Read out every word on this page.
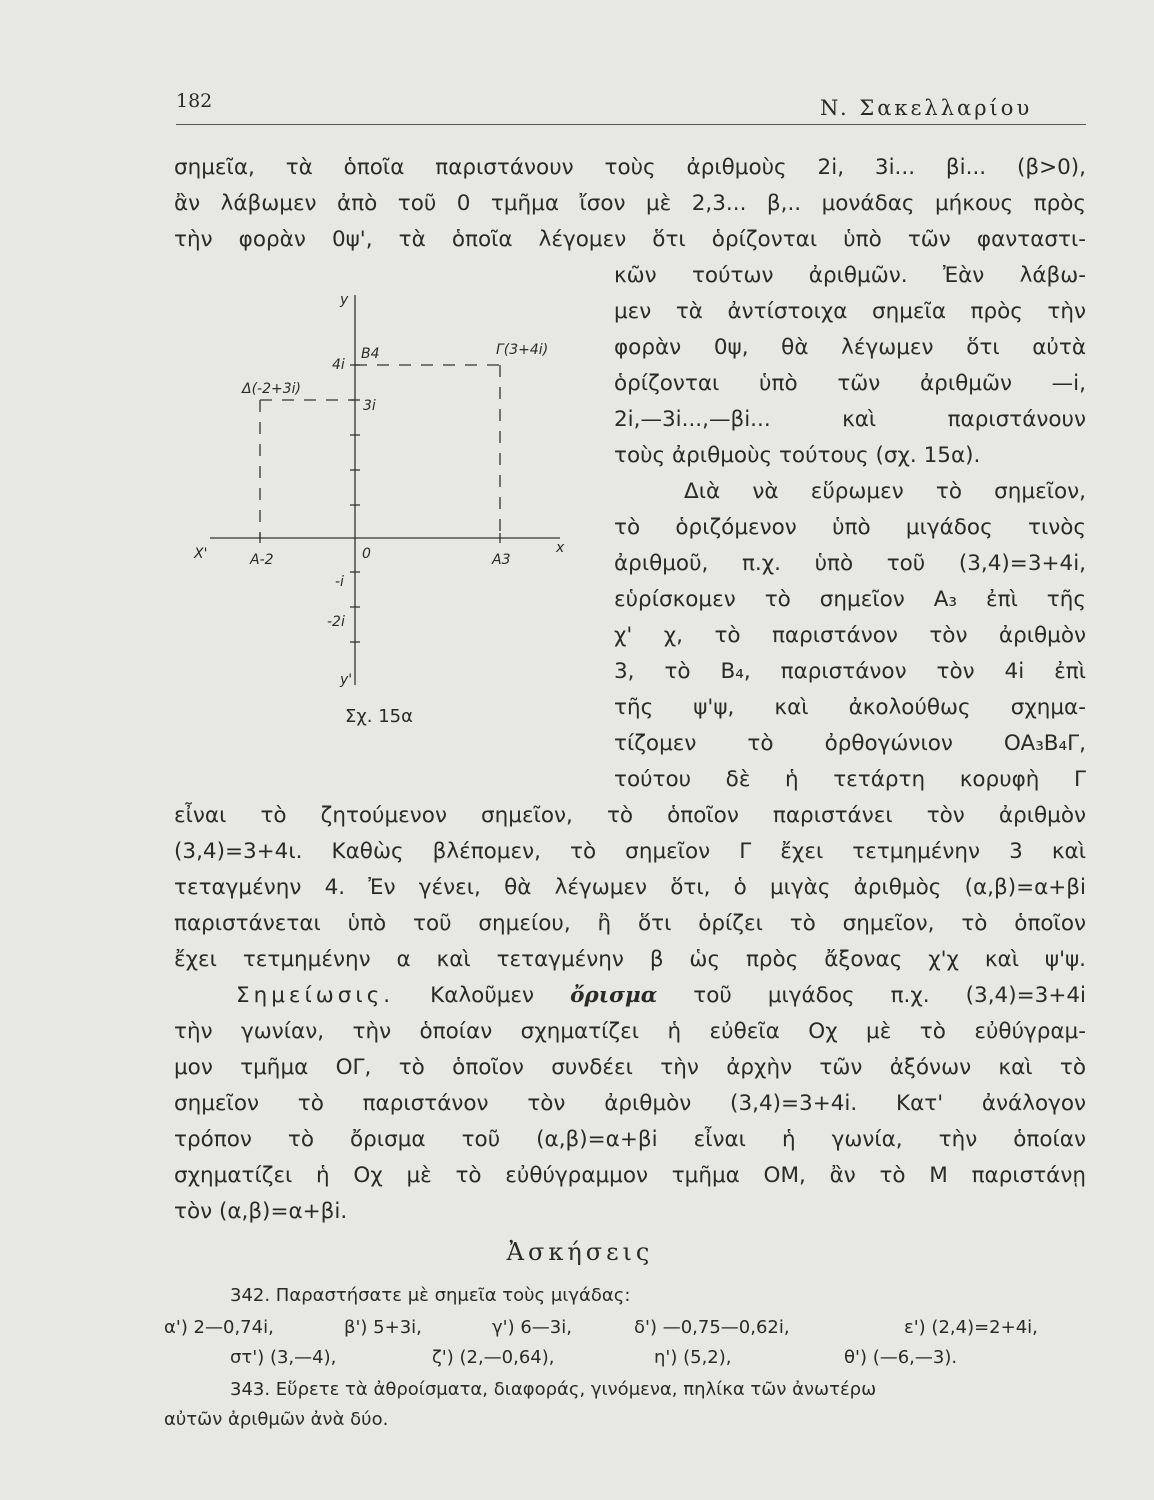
182	N. Σακελλαρίου
σημεῖα, τὰ ὁποῖα παριστάνουν τοὺς ἀριθμοὺς 2i, 3i... βi... (β>0),
ἂν λάβωμεν ἀπὸ τοῦ 0 τμῆμα ἴσον μὲ 2,3... β,.. μονάδας μήκους πρὸς
τὴν φορὰν 0ψ', τὰ ὁποῖα λέγομεν ὅτι ὁρίζονται ὑπὸ τῶν φανταστι-
κῶν τούτων ἀριθμῶν. Ἐὰν λάβω-
μεν τὰ ἀντίστοιχα σημεῖα πρὸς τὴν
φορὰν 0ψ, θὰ λέγωμεν ὅτι αὐτὰ
ὁρίζονται ὑπὸ τῶν ἀριθμῶν —i,
2i,—3i...,—βi... καὶ παριστάνουν
τοὺς ἀριθμοὺς τούτους (σχ. 15α).
Διὰ νὰ εὕρωμεν τὸ σημεῖον,
τὸ ὁριζόμενον ὑπὸ μιγάδος τινὸς
ἀριθμοῦ, π.χ. ὑπὸ τοῦ (3,4)=3+4i,
εὑρίσκομεν τὸ σημεῖον A₃ ἐπὶ τῆς
χ' χ, τὸ παριστάνον τὸν ἀριθμὸν
3, τὸ B₄, παριστάνον τὸν 4i ἐπὶ
τῆς ψ'ψ, καὶ ἀκολούθως σχημα-
τίζομεν τὸ ὀρθογώνιον OA₃B₄Γ,
τούτου δὲ ἡ τετάρτη κορυφὴ Γ
y
y'
x
X'	0
A-2	A3
B4	Γ(3+4i)
Δ(-2+3i)
4i
3i
-i
-2i
Σχ. 15α
εἶναι τὸ ζητούμενον σημεῖον, τὸ ὁποῖον παριστάνει τὸν ἀριθμὸν
(3,4)=3+4ι. Καθὼς βλέπομεν, τὸ σημεῖον Γ ἔχει τετμημένην 3 καὶ
τεταγμένην 4. Ἐν γένει, θὰ λέγωμεν ὅτι, ὁ μιγὰς ἀριθμὸς (α,β)=α+βi
παριστάνεται ὑπὸ τοῦ σημείου, ἢ ὅτι ὁρίζει τὸ σημεῖον, τὸ ὁποῖον
ἔχει τετμημένην α καὶ τεταγμένην β ὡς πρὸς ἄξονας χ'χ καὶ ψ'ψ.
Σημείωσις. Καλοῦμεν ὄρισμα τοῦ μιγάδος π.χ. (3,4)=3+4i
τὴν γωνίαν, τὴν ὁποίαν σχηματίζει ἡ εὐθεῖα Oχ μὲ τὸ εὐθύγραμ-
μον τμῆμα OΓ, τὸ ὁποῖον συνδέει τὴν ἀρχὴν τῶν ἀξόνων καὶ τὸ
σημεῖον τὸ παριστάνον τὸν ἀριθμὸν (3,4)=3+4i. Κατ' ἀνάλογον
τρόπον τὸ ὄρισμα τοῦ (α,β)=α+βi εἶναι ἡ γωνία, τὴν ὁποίαν
σχηματίζει ἡ Oχ μὲ τὸ εὐθύγραμμον τμῆμα OM, ἂν τὸ M παριστάνῃ
τὸν (α,β)=α+βi.
Ἀσκήσεις
342. Παραστήσατε μὲ σημεῖα τοὺς μιγάδας:
α') 2—0,74i,	β') 5+3i,	γ') 6—3i,	δ') —0,75—0,62i,	ε') (2,4)=2+4i,
στ') (3,—4),	ζ') (2,—0,64),	η') (5,2),	θ') (—6,—3).
343. Εὕρετε τὰ ἀθροίσματα, διαφοράς, γινόμενα, πηλίκα τῶν ἀνωτέρω
αὐτῶν ἀριθμῶν ἀνὰ δύο.
